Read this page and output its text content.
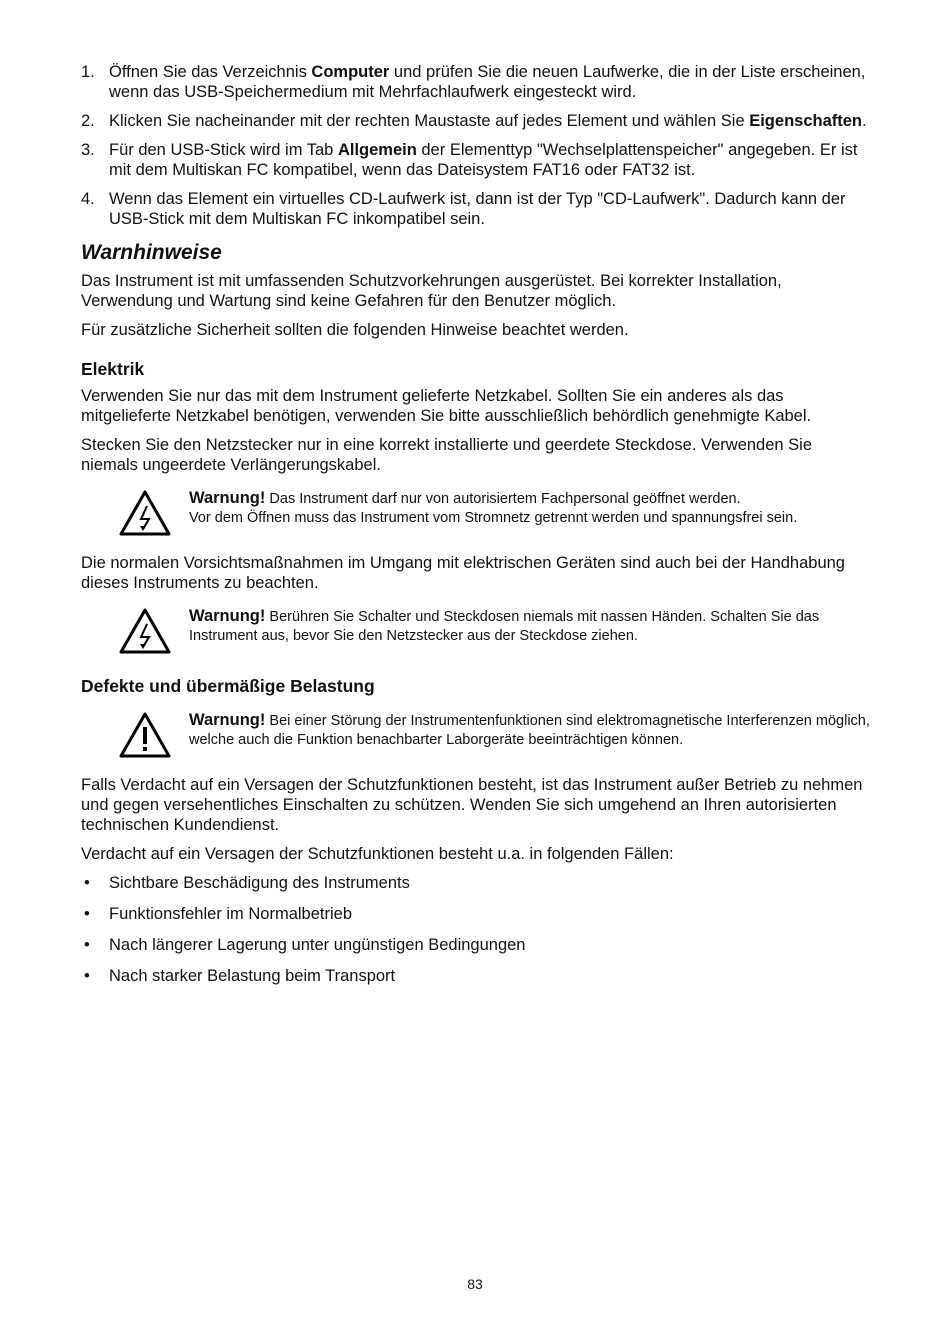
1. Öffnen Sie das Verzeichnis Computer und prüfen Sie die neuen Laufwerke, die in der Liste erscheinen, wenn das USB-Speichermedium mit Mehrfachlaufwerk eingesteckt wird.
2. Klicken Sie nacheinander mit der rechten Maustaste auf jedes Element und wählen Sie Eigenschaften.
3. Für den USB-Stick wird im Tab Allgemein der Elementtyp "Wechselplattenspeicher" angegeben. Er ist mit dem Multiskan FC kompatibel, wenn das Dateisystem FAT16 oder FAT32 ist.
4. Wenn das Element ein virtuelles CD-Laufwerk ist, dann ist der Typ "CD-Laufwerk". Dadurch kann der USB-Stick mit dem Multiskan FC inkompatibel sein.
Warnhinweise

Das Instrument ist mit umfassenden Schutzvorkehrungen ausgerüstet. Bei korrekter Installation, Verwendung und Wartung sind keine Gefahren für den Benutzer möglich.

Für zusätzliche Sicherheit sollten die folgenden Hinweise beachtet werden.

Elektrik

Verwenden Sie nur das mit dem Instrument gelieferte Netzkabel. Sollten Sie ein anderes als das mitgelieferte Netzkabel benötigen, verwenden Sie bitte ausschließlich behördlich genehmigte Kabel.

Stecken Sie den Netzstecker nur in eine korrekt installierte und geerdete Steckdose. Verwenden Sie niemals ungeerdete Verlängerungskabel.

Warnung! Das Instrument darf nur von autorisiertem Fachpersonal geöffnet werden.
Vor dem Öffnen muss das Instrument vom Stromnetz getrennt werden und spannungsfrei sein.

Die normalen Vorsichtsmaßnahmen im Umgang mit elektrischen Geräten sind auch bei der Handhabung dieses Instruments zu beachten.

Warnung! Berühren Sie Schalter und Steckdosen niemals mit nassen Händen. Schalten Sie das Instrument aus, bevor Sie den Netzstecker aus der Steckdose ziehen.
Defekte und übermäßige Belastung
Warnung! Bei einer Störung der Instrumentenfunktionen sind elektromagnetische Interferenzen möglich, welche auch die Funktion benachbarter Laborgeräte beeinträchtigen können.

Falls Verdacht auf ein Versagen der Schutzfunktionen besteht, ist das Instrument außer Betrieb zu nehmen und gegen versehentliches Einschalten zu schützen. Wenden Sie sich umgehend an Ihren autorisierten technischen Kundendienst.

Verdacht auf ein Versagen der Schutzfunktionen besteht u.a. in folgenden Fällen:

• Sichtbare Beschädigung des Instruments
• Funktionsfehler im Normalbetrieb
• Nach längerer Lagerung unter ungünstigen Bedingungen
• Nach starker Belastung beim Transport
83
